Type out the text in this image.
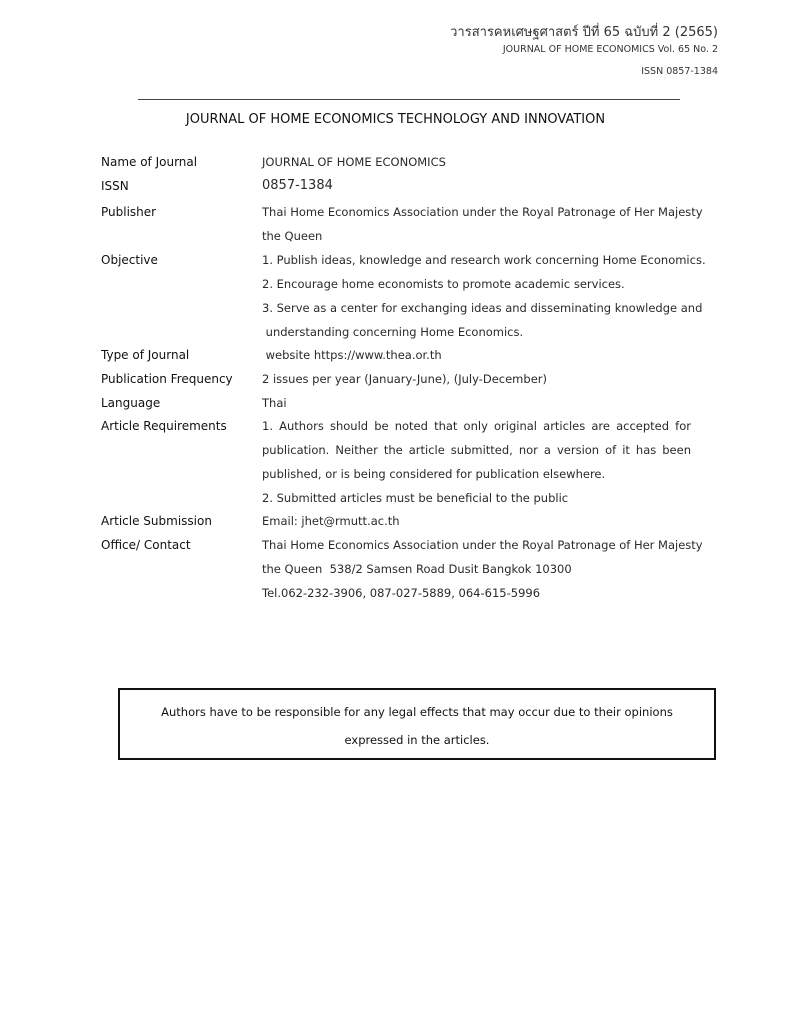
วารสารคหเศษฐศาสตร์ ปีที่ 65 ฉบับที่ 2 (2565)
JOURNAL OF HOME ECONOMICS Vol. 65 No. 2
ISSN 0857-1384
JOURNAL OF HOME ECONOMICS TECHNOLOGY AND INNOVATION
Name of Journal	JOURNAL OF HOME ECONOMICS
ISSN	0857-1384
Publisher	Thai Home Economics Association under the Royal Patronage of Her Majesty
the Queen
Objective	1. Publish ideas, knowledge and research work concerning Home Economics.
2. Encourage home economists to promote academic services.
3. Serve as a center for exchanging ideas and disseminating knowledge and
understanding concerning Home Economics.
Type of Journal	website https://www.thea.or.th
Publication Frequency	2 issues per year (January-June), (July-December)
Language	Thai
Article Requirements	1. Authors should be noted that only original articles are accepted for
publication. Neither the article submitted, nor a version of it has been
published, or is being considered for publication elsewhere.
2. Submitted articles must be beneficial to the public
Article Submission	Email: jhet@rmutt.ac.th
Office/ Contact	Thai Home Economics Association under the Royal Patronage of Her Majesty
the Queen  538/2 Samsen Road Dusit Bangkok 10300
Tel.062-232-3906, 087-027-5889, 064-615-5996
Authors have to be responsible for any legal effects that may occur due to their opinions
expressed in the articles.
